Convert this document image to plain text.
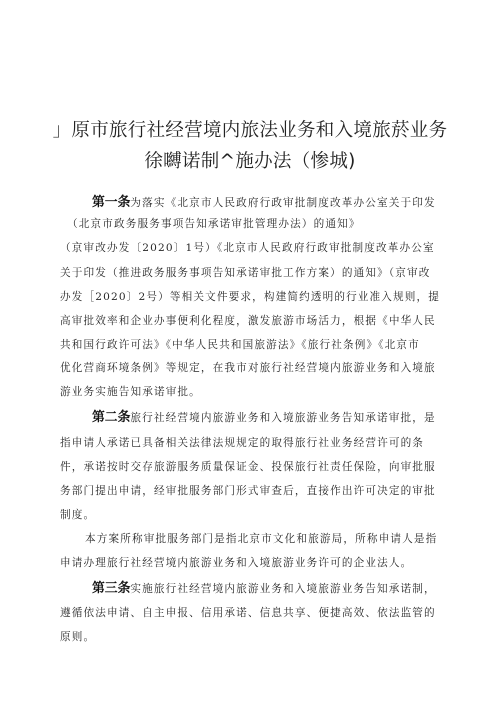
」原市旅行社经营境内旅法业务和入境旅菸业务
徐嚩诺制^施办法（惨城)
第一条为落实《北京市人民政府行政审批制度改革办公室关于印发
（北京市政务服务事项告知承诺审批管理办法）的通知》
（京审改办发〔2020〕1号）《北京市人民政府行政审批制度改革办公室
关于印发（推进政务服务事项告知承诺审批工作方案）的通知》（京审改
办发［2020〕2号）等相关文件要求，构建简约透明的行业准入规则，提
高审批效率和企业办事便利化程度，激发旅游市场活力，根据《中华人民
共和国行政许可法》《中华人民共和国旅游法》《旅行社条例》《北京市
优化营商环境条例》等规定，在我市对旅行社经营境内旅游业务和入境旅
游业务实施告知承诺审批。
第二条旅行社经营境内旅游业务和入境旅游业务告知承诺审批，是
指申请人承诺已具备相关法律法规规定的取得旅行社业务经营许可的条
件，承诺按时交存旅游服务质量保证金、投保旅行社责任保险，向审批服
务部门提出申请，经审批服务部门形式审查后，直接作出许可决定的审批
制度。
本方案所称审批服务部门是指北京市文化和旅游局，所称申请人是指
申请办理旅行社经营境内旅游业务和入境旅游业务许可的企业法人。
第三条实施旅行社经营境内旅游业务和入境旅游业务告知承诺制，
遵循依法申请、自主申报、信用承诺、信息共享、便捷高效、依法监管的
原则。
